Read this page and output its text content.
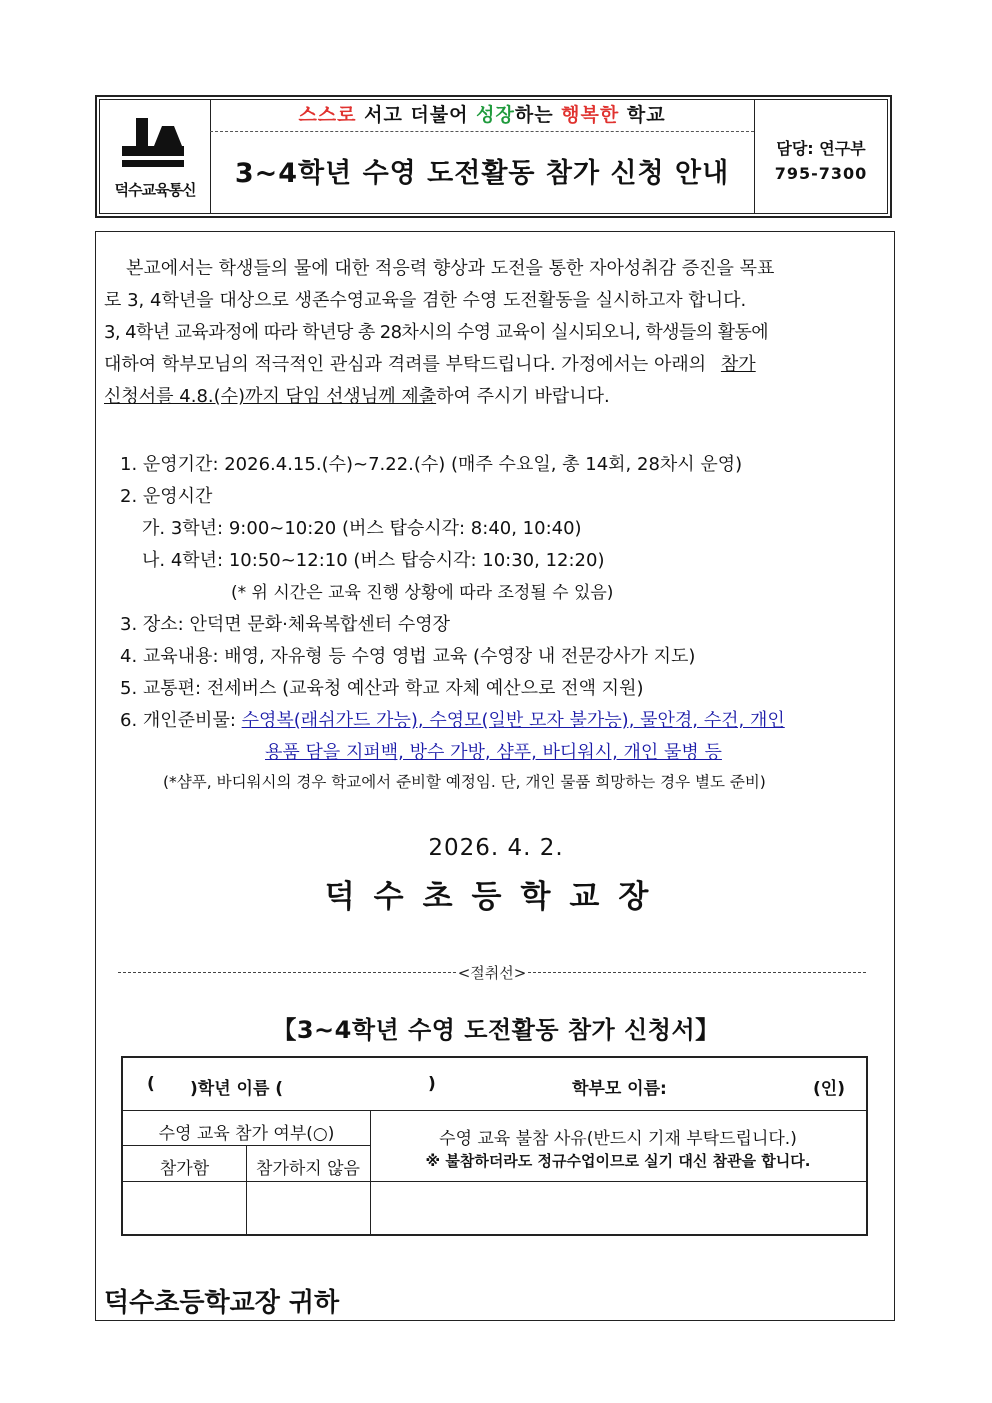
덕수교육통신
스스로 서고 더불어 성장하는 행복한 학교
3~4학년 수영 도전활동 참가 신청 안내
담당: 연구부
795-7300
본교에서는 학생들의 물에 대한 적응력 향상과 도전을 통한 자아성취감 증진을 목표
로 3, 4학년을 대상으로 생존수영교육을 겸한 수영 도전활동을 실시하고자 합니다.
3, 4학년 교육과정에 따라 학년당 총 28차시의 수영 교육이 실시되오니, 학생들의 활동에
대하여 학부모님의 적극적인 관심과 격려를 부탁드립니다. 가정에서는 아래의 참가
신청서를 4.8.(수)까지 담임 선생님께 제출하여 주시기 바랍니다.
1. 운영기간: 2026.4.15.(수)~7.22.(수) (매주 수요일, 총 14회, 28차시 운영)
2. 운영시간
가. 3학년: 9:00~10:20 (버스 탑승시각: 8:40, 10:40)
나. 4학년: 10:50~12:10 (버스 탑승시각: 10:30, 12:20)
(* 위 시간은 교육 진행 상황에 따라 조정될 수 있음)
3. 장소: 안덕면 문화·체육복합센터 수영장
4. 교육내용: 배영, 자유형 등 수영 영법 교육 (수영장 내 전문강사가 지도)
5. 교통편: 전세버스 (교육청 예산과 학교 자체 예산으로 전액 지원)
6. 개인준비물: 수영복(래쉬가드 가능), 수영모(일반 모자 불가능), 물안경, 수건, 개인
용품 담을 지퍼백, 방수 가방, 샴푸, 바디워시, 개인 물병 등
(*샴푸, 바디워시의 경우 학교에서 준비할 예정임. 단, 개인 물품 희망하는 경우 별도 준비)
2026. 4. 2.
덕수초등학교장
<절취선>
【3~4학년 수영 도전활동 참가 신청서】
( )학년 이름 (	)	학부모 이름:	(인)
수영 교육 참가 여부(○)
참가함	참가하지 않음
수영 교육 불참 사유(반드시 기재 부탁드립니다.)
※ 불참하더라도 정규수업이므로 실기 대신 참관을 합니다.
덕수초등학교장 귀하
